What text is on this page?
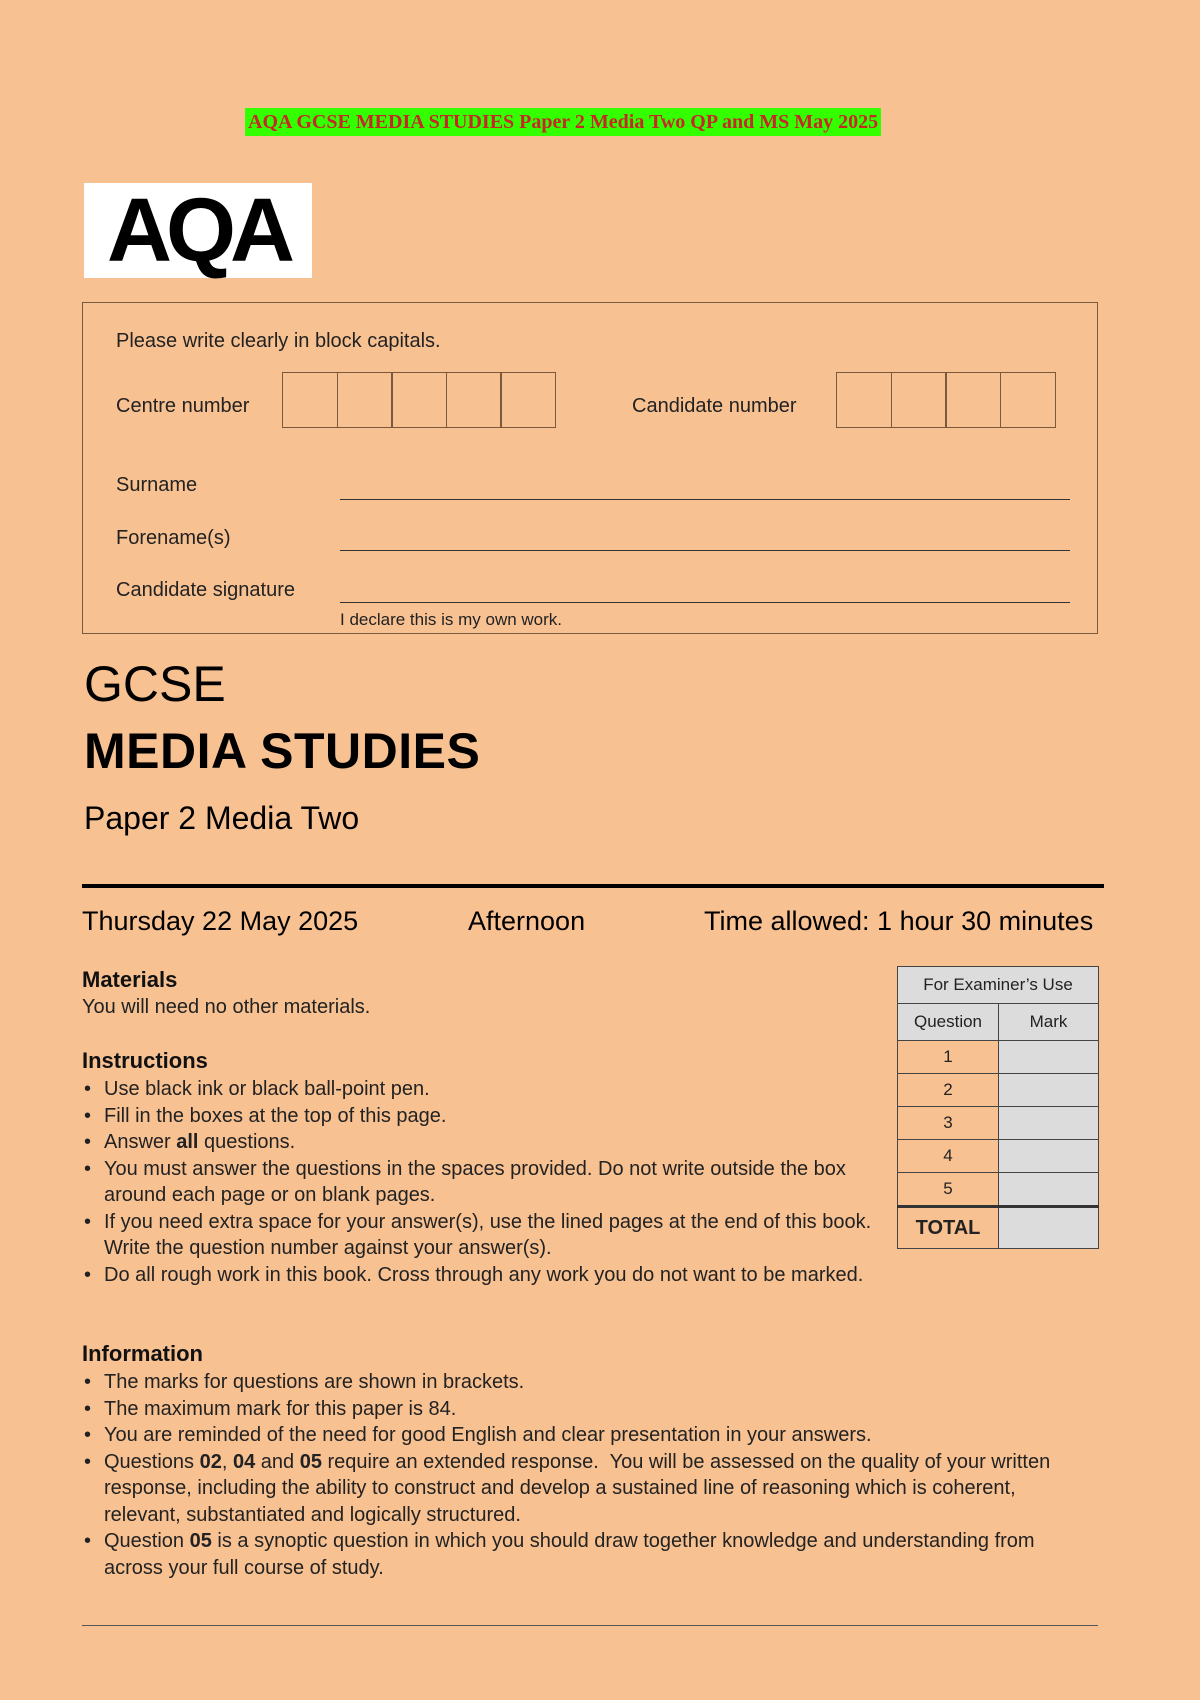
AQA GCSE MEDIA STUDIES Paper 2 Media Two QP and MS May 2025
AQA
Please write clearly in block capitals.
Centre number	Candidate number
Surname
Forename(s)
Candidate signature
I declare this is my own work.
GCSE
MEDIA STUDIES
Paper 2 Media Two
Thursday 22 May 2025	Afternoon	Time allowed: 1 hour 30 minutes
Materials
You will need no other materials.
Instructions
• Use black ink or black ball-point pen.
• Fill in the boxes at the top of this page.
• Answer all questions.
• You must answer the questions in the spaces provided. Do not write outside the box around each page or on blank pages.
• If you need extra space for your answer(s), use the lined pages at the end of this book. Write the question number against your answer(s).
• Do all rough work in this book. Cross through any work you do not want to be marked.
Information
• The marks for questions are shown in brackets.
• The maximum mark for this paper is 84.
• You are reminded of the need for good English and clear presentation in your answers.
• Questions 02, 04 and 05 require an extended response.  You will be assessed on the quality of your written response, including the ability to construct and develop a sustained line of reasoning which is coherent, relevant, substantiated and logically structured.
• Question 05 is a synoptic question in which you should draw together knowledge and understanding from across your full course of study.
For Examiner’s Use	
Question	Mark
1	
2	
3	
4	
5	
TOTAL	
